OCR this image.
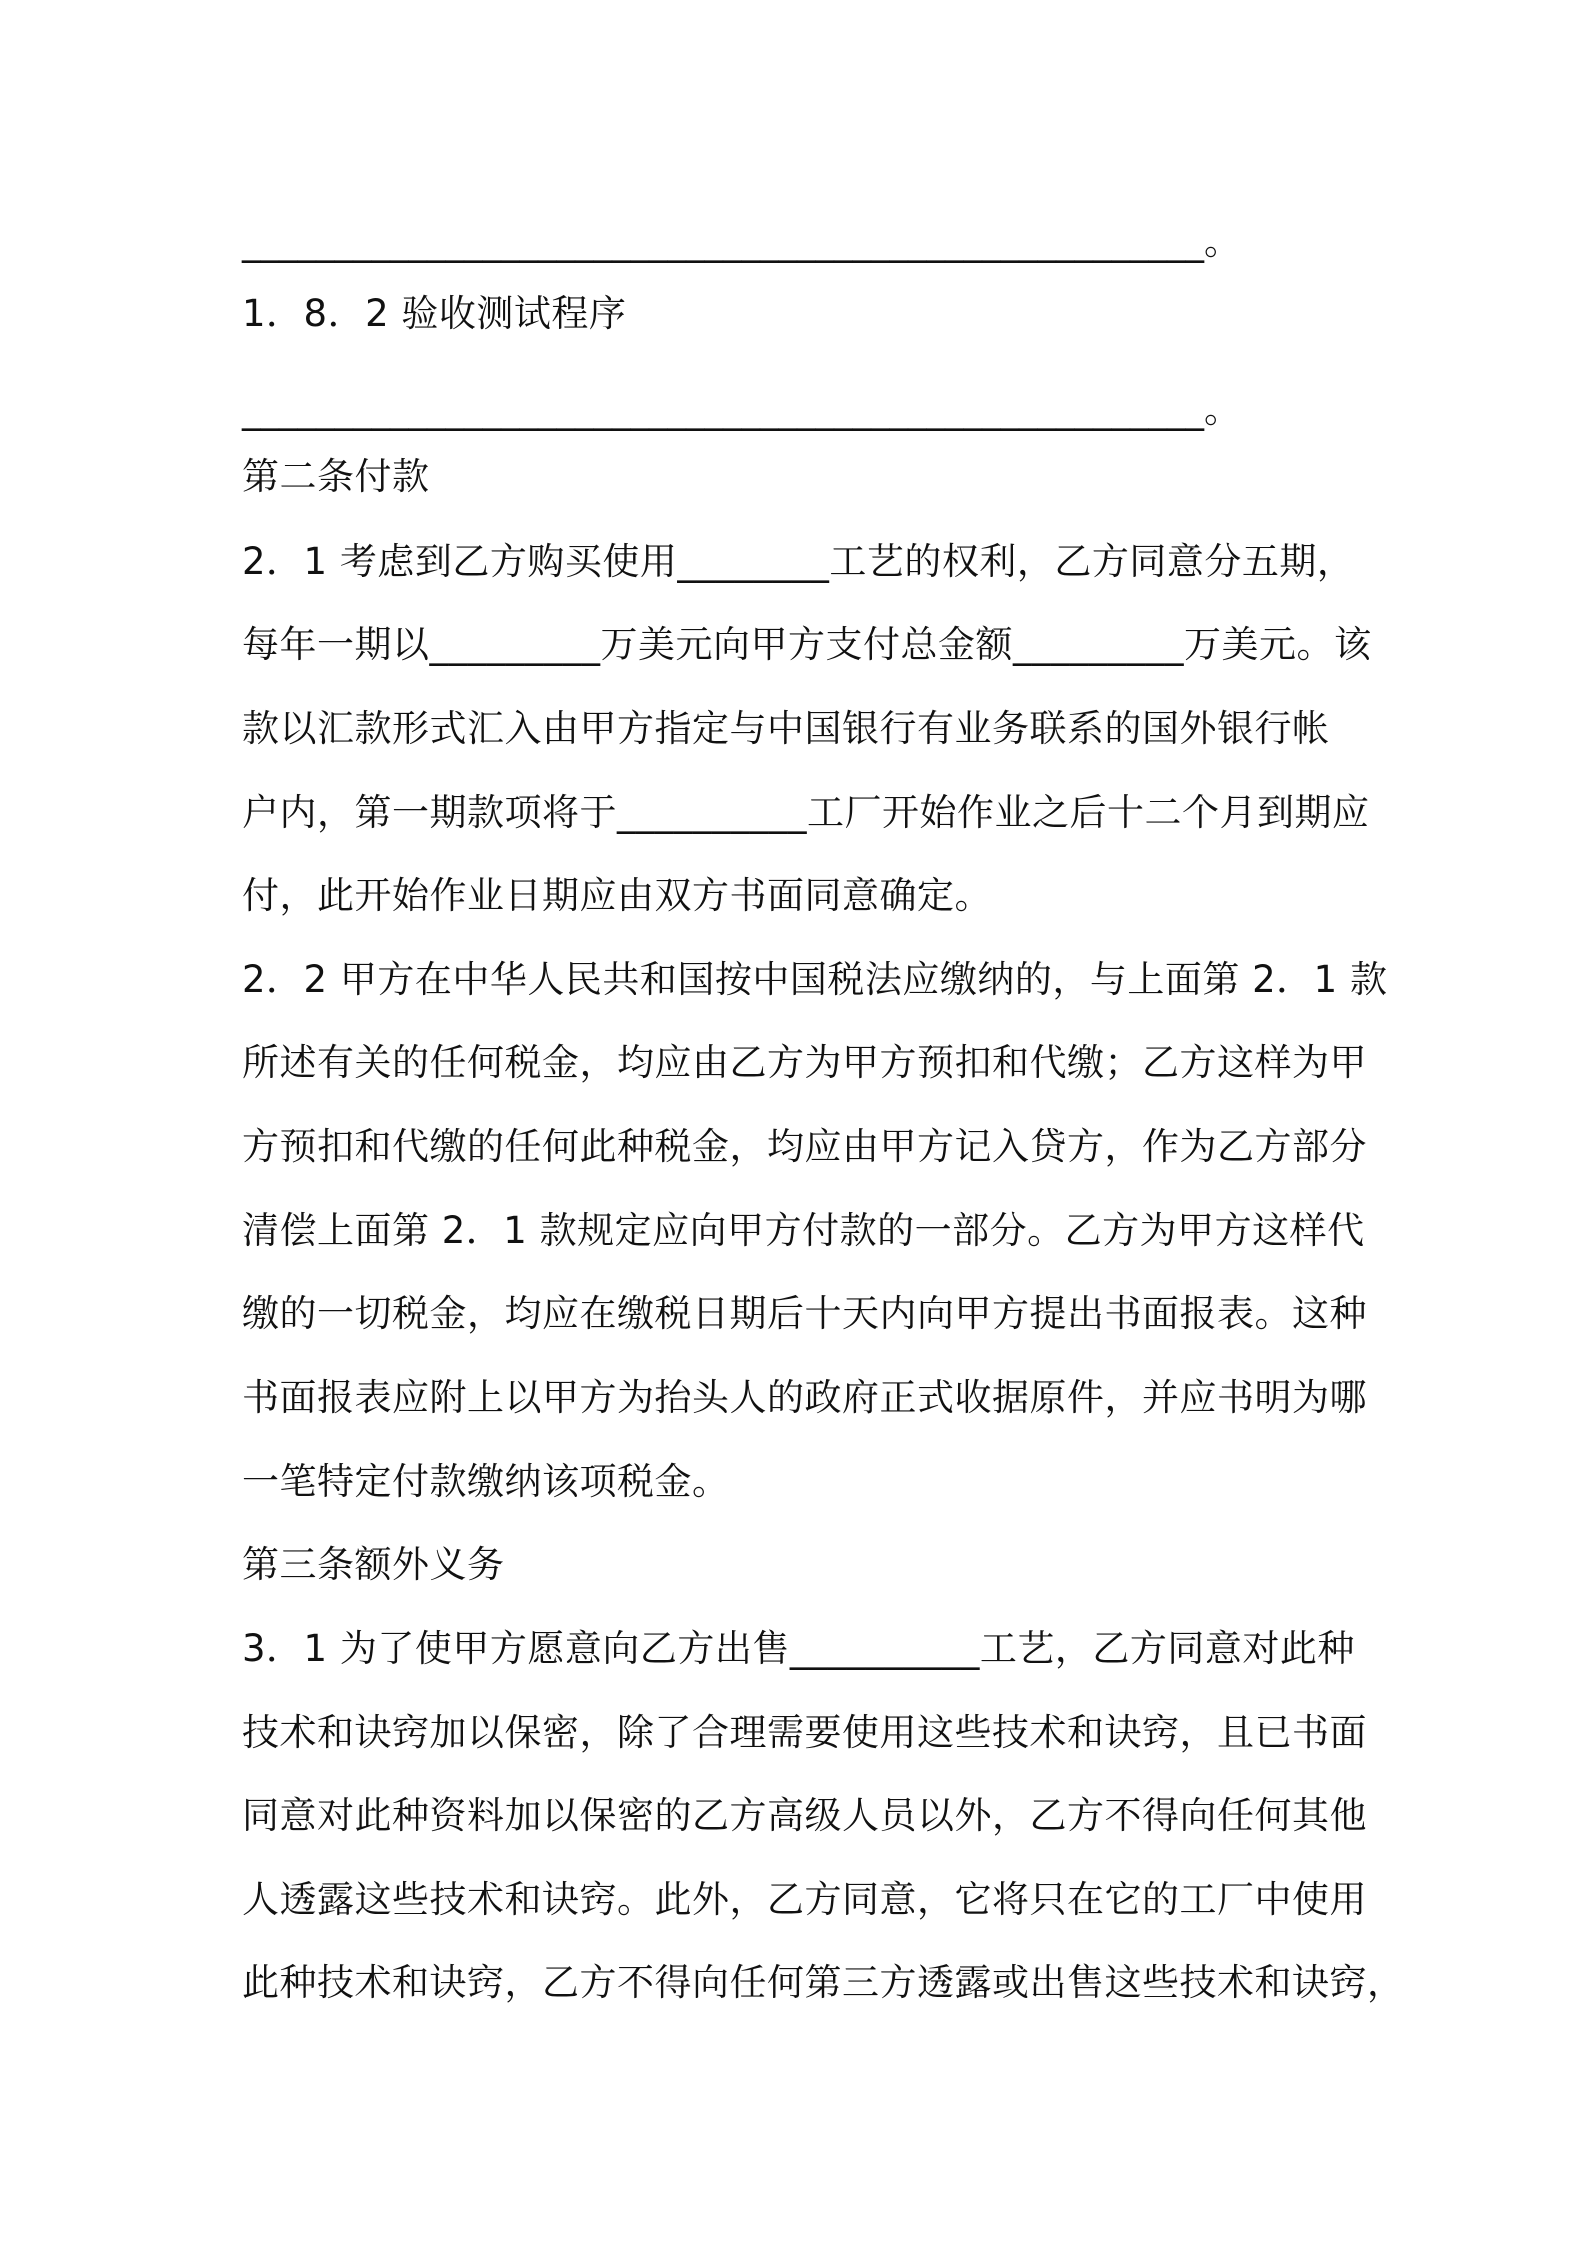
____________________________________________________。
1．8．2 验收测试程序
____________________________________________________。
第二条付款
2．1 考虑到乙方购买使用________工艺的权利，乙方同意分五期，
每年一期以_________万美元向甲方支付总金额_________万美元。该
款以汇款形式汇入由甲方指定与中国银行有业务联系的国外银行帐
户内，第一期款项将于__________工厂开始作业之后十二个月到期应
付，此开始作业日期应由双方书面同意确定。
2．2 甲方在中华人民共和国按中国税法应缴纳的，与上面第 2．1 款
所述有关的任何税金，均应由乙方为甲方预扣和代缴；乙方这样为甲
方预扣和代缴的任何此种税金，均应由甲方记入贷方，作为乙方部分
清偿上面第 2．1 款规定应向甲方付款的一部分。乙方为甲方这样代
缴的一切税金，均应在缴税日期后十天内向甲方提出书面报表。这种
书面报表应附上以甲方为抬头人的政府正式收据原件，并应书明为哪
一笔特定付款缴纳该项税金。
第三条额外义务
3．1 为了使甲方愿意向乙方出售__________工艺，乙方同意对此种
技术和诀窍加以保密，除了合理需要使用这些技术和诀窍，且已书面
同意对此种资料加以保密的乙方高级人员以外，乙方不得向任何其他
人透露这些技术和诀窍。此外，乙方同意，它将只在它的工厂中使用
此种技术和诀窍，乙方不得向任何第三方透露或出售这些技术和诀窍，
